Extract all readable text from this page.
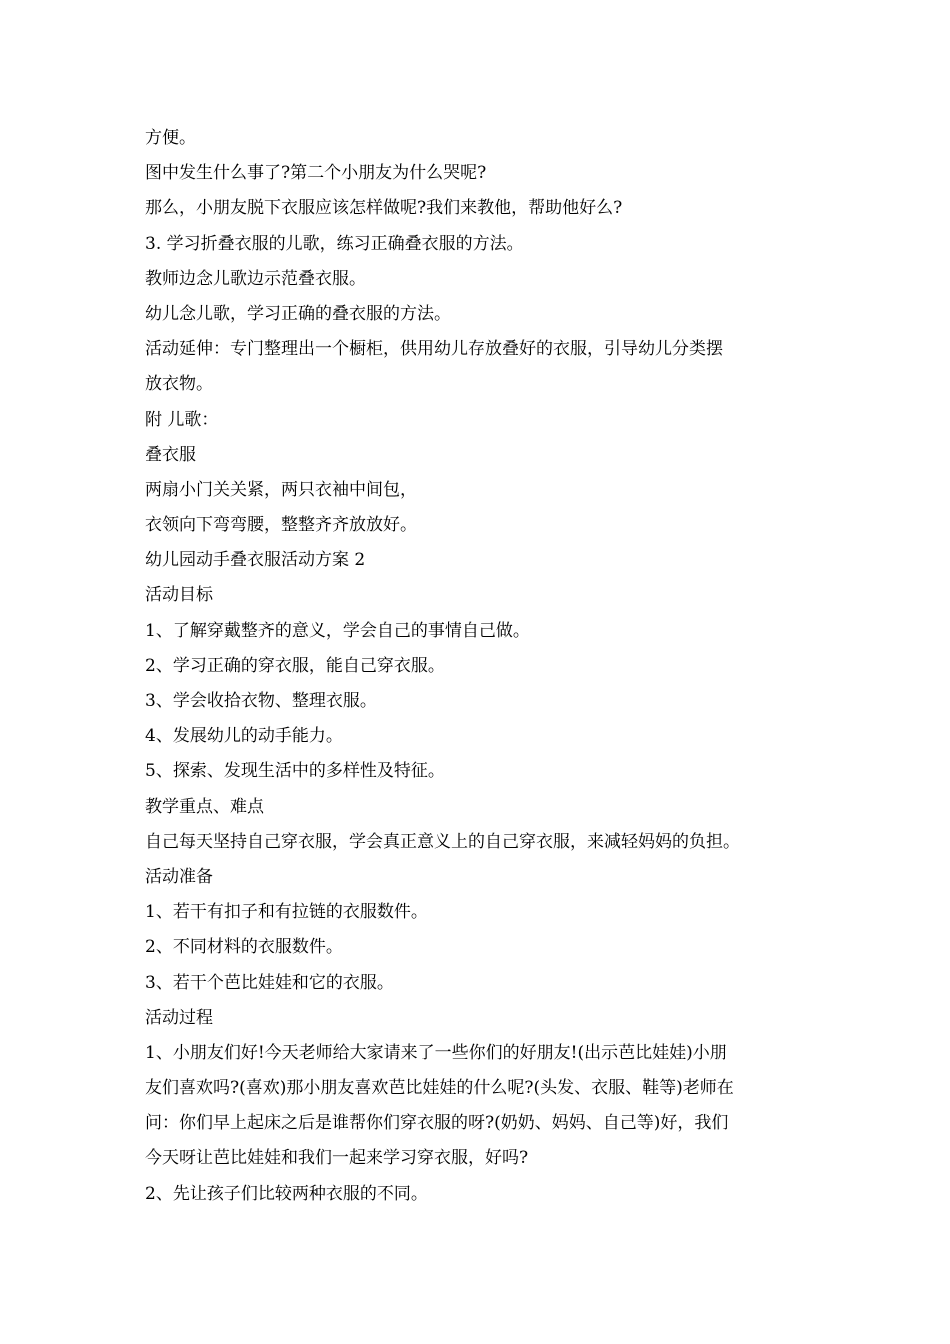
方便。

图中发生什么事了?第二个小朋友为什么哭呢?

那么，小朋友脱下衣服应该怎样做呢?我们来教他，帮助他好么?

3. 学习折叠衣服的儿歌，练习正确叠衣服的方法。

教师边念儿歌边示范叠衣服。

幼儿念儿歌，学习正确的叠衣服的方法。

活动延伸：专门整理出一个橱柜，供用幼儿存放叠好的衣服，引导幼儿分类摆

放衣物。

附 儿歌：

叠衣服

两扇小门关关紧，两只衣袖中间包，

衣领向下弯弯腰，整整齐齐放放好。

幼儿园动手叠衣服活动方案 2

活动目标

1、了解穿戴整齐的意义，学会自己的事情自己做。

2、学习正确的穿衣服，能自己穿衣服。

3、学会收拾衣物、整理衣服。

4、发展幼儿的动手能力。

5、探索、发现生活中的多样性及特征。

教学重点、难点

自己每天坚持自己穿衣服，学会真正意义上的自己穿衣服，来减轻妈妈的负担。

活动准备

1、若干有扣子和有拉链的衣服数件。

2、不同材料的衣服数件。

3、若干个芭比娃娃和它的衣服。

活动过程

1、小朋友们好!今天老师给大家请来了一些你们的好朋友!(出示芭比娃娃)小朋

友们喜欢吗?(喜欢)那小朋友喜欢芭比娃娃的什么呢?(头发、衣服、鞋等)老师在

问：你们早上起床之后是谁帮你们穿衣服的呀?(奶奶、妈妈、自己等)好，我们

今天呀让芭比娃娃和我们一起来学习穿衣服，好吗?

2、先让孩子们比较两种衣服的不同。
